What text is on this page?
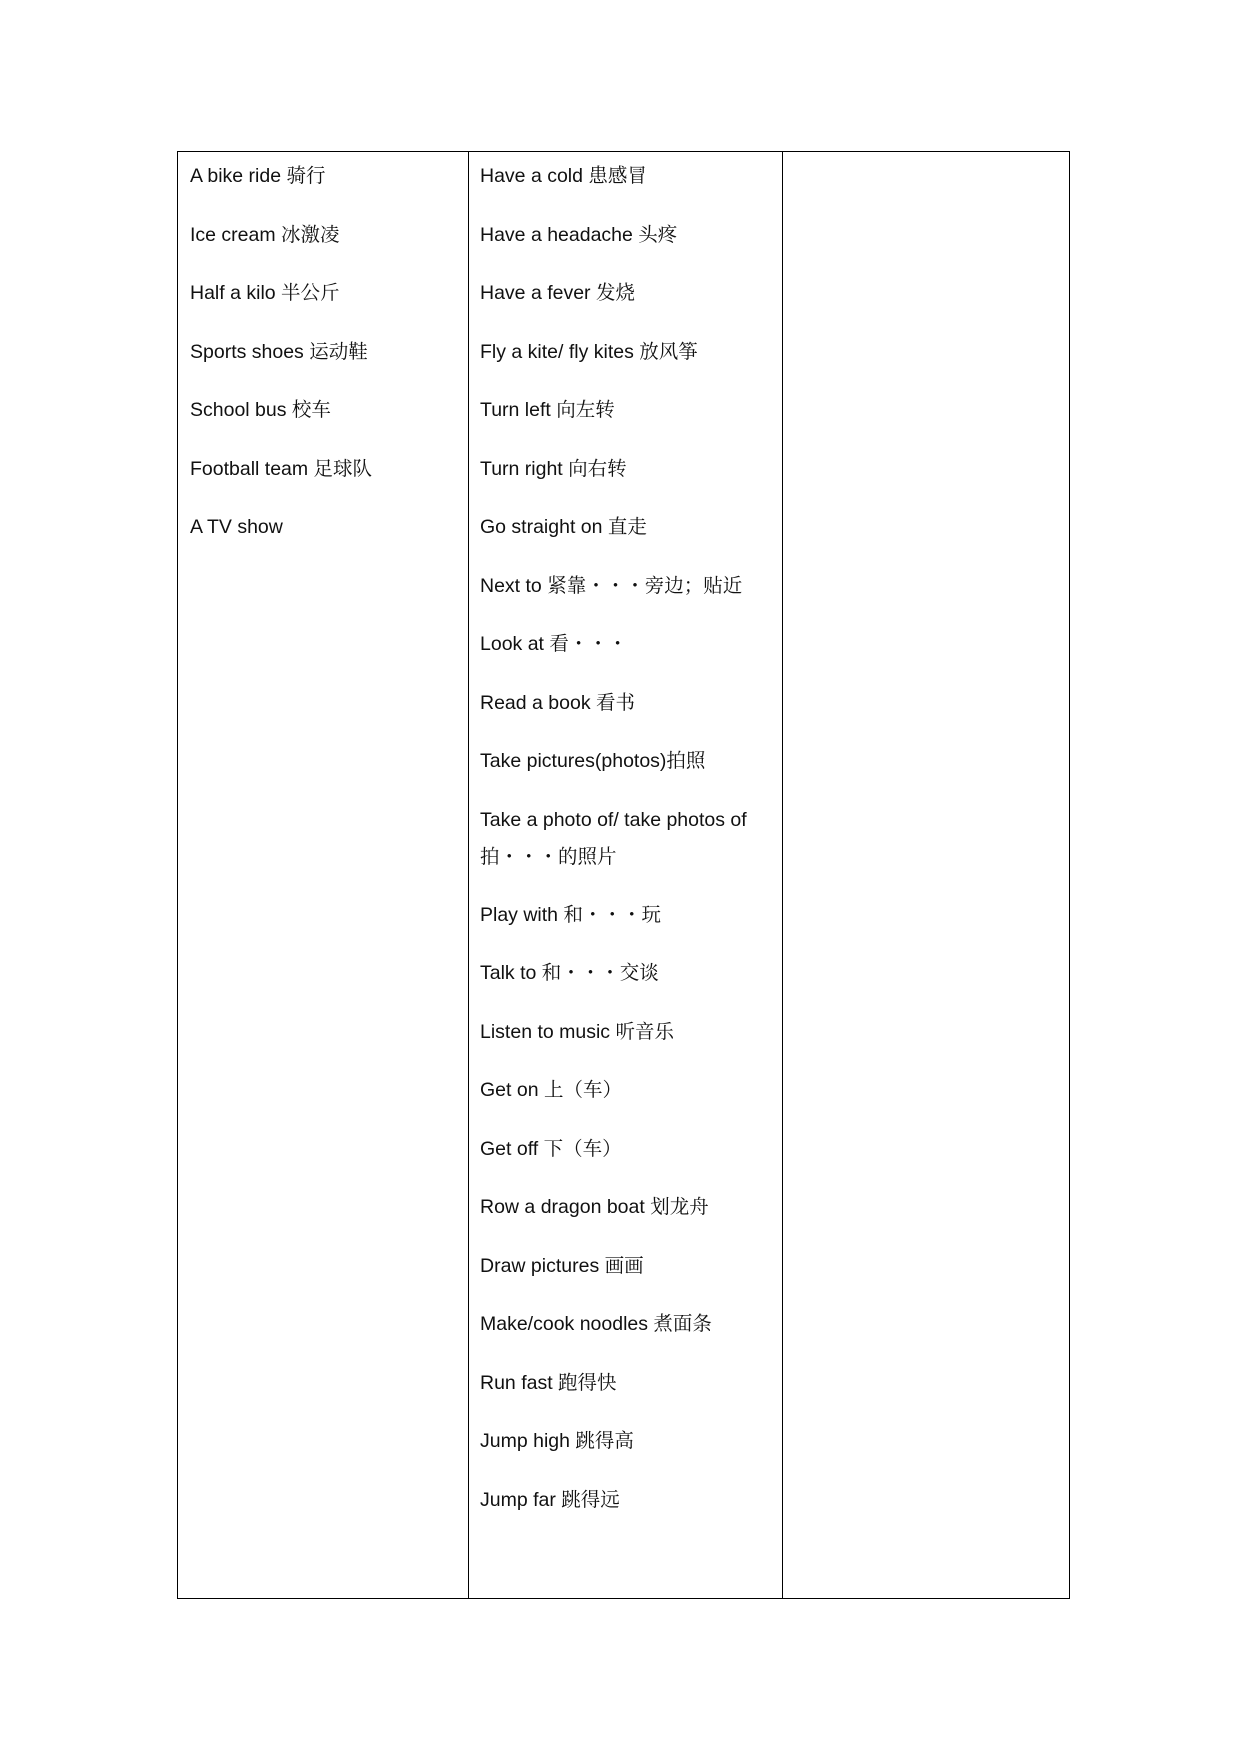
A bike ride 骑行
Ice cream 冰激凌
Half a kilo 半公斤
Sports shoes 运动鞋
School bus 校车
Football team 足球队
A TV show
Have a cold 患感冒
Have a headache 头疼
Have a fever 发烧
Fly a kite/ fly kites 放风筝
Turn left 向左转
Turn right 向右转
Go straight on 直走
Next to 紧靠・・・旁边；贴近
Look at 看・・・
Read a book 看书
Take pictures(photos)拍照
Take a photo of/ take photos of 拍・・・的照片
Play with 和・・・玩
Talk to 和・・・交谈
Listen to music 听音乐
Get on 上（车）
Get off 下（车）
Row a dragon boat 划龙舟
Draw pictures 画画
Make/cook noodles 煮面条
Run fast 跑得快
Jump high 跳得高
Jump far 跳得远
